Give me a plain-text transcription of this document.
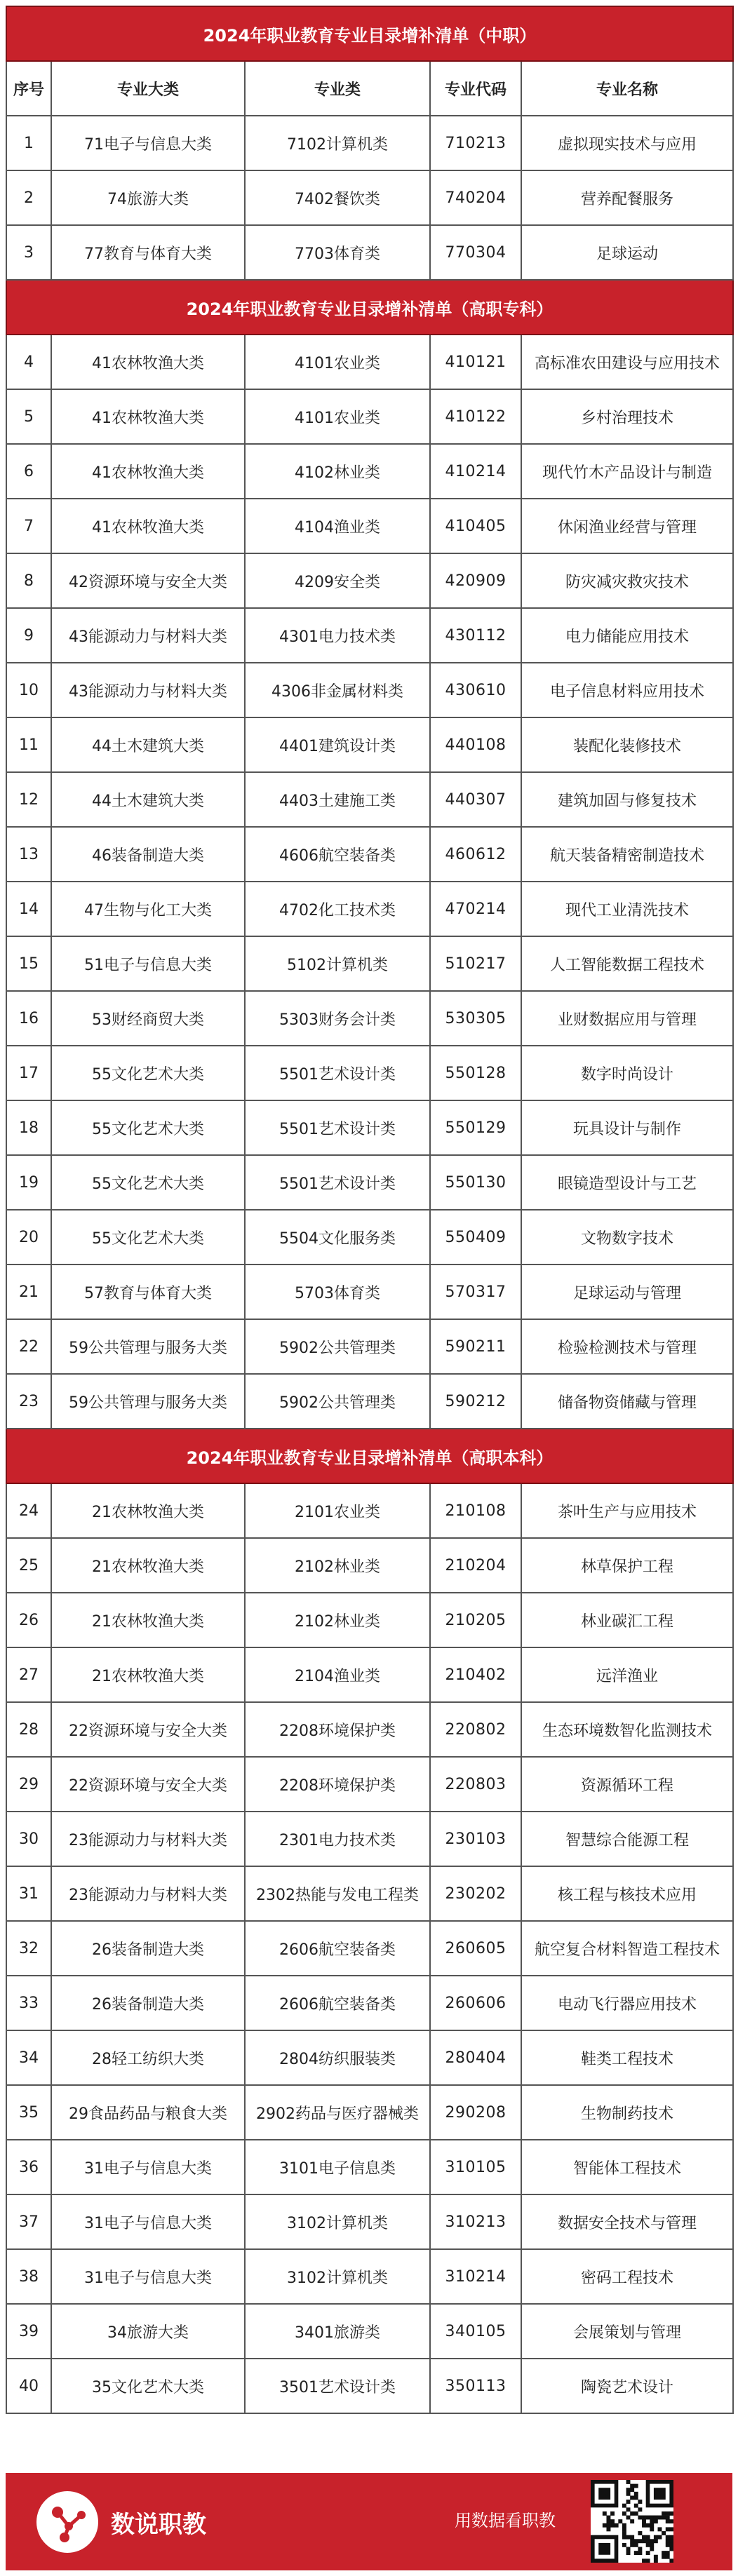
2024年职业教育专业目录增补清单（中职）				
序号	专业大类	专业类	专业代码	专业名称
1	71电子与信息大类	7102计算机类	710213	虚拟现实技术与应用
2	74旅游大类	7402餐饮类	740204	营养配餐服务
3	77教育与体育大类	7703体育类	770304	足球运动
2024年职业教育专业目录增补清单（高职专科）				
4	41农林牧渔大类	4101农业类	410121	高标准农田建设与应用技术
5	41农林牧渔大类	4101农业类	410122	乡村治理技术
6	41农林牧渔大类	4102林业类	410214	现代竹木产品设计与制造
7	41农林牧渔大类	4104渔业类	410405	休闲渔业经营与管理
8	42资源环境与安全大类	4209安全类	420909	防灾减灾救灾技术
9	43能源动力与材料大类	4301电力技术类	430112	电力储能应用技术
10	43能源动力与材料大类	4306非金属材料类	430610	电子信息材料应用技术
11	44土木建筑大类	4401建筑设计类	440108	装配化装修技术
12	44土木建筑大类	4403土建施工类	440307	建筑加固与修复技术
13	46装备制造大类	4606航空装备类	460612	航天装备精密制造技术
14	47生物与化工大类	4702化工技术类	470214	现代工业清洗技术
15	51电子与信息大类	5102计算机类	510217	人工智能数据工程技术
16	53财经商贸大类	5303财务会计类	530305	业财数据应用与管理
17	55文化艺术大类	5501艺术设计类	550128	数字时尚设计
18	55文化艺术大类	5501艺术设计类	550129	玩具设计与制作
19	55文化艺术大类	5501艺术设计类	550130	眼镜造型设计与工艺
20	55文化艺术大类	5504文化服务类	550409	文物数字技术
21	57教育与体育大类	5703体育类	570317	足球运动与管理
22	59公共管理与服务大类	5902公共管理类	590211	检验检测技术与管理
23	59公共管理与服务大类	5902公共管理类	590212	储备物资储藏与管理
2024年职业教育专业目录增补清单（高职本科）				
24	21农林牧渔大类	2101农业类	210108	茶叶生产与应用技术
25	21农林牧渔大类	2102林业类	210204	林草保护工程
26	21农林牧渔大类	2102林业类	210205	林业碳汇工程
27	21农林牧渔大类	2104渔业类	210402	远洋渔业
28	22资源环境与安全大类	2208环境保护类	220802	生态环境数智化监测技术
29	22资源环境与安全大类	2208环境保护类	220803	资源循环工程
30	23能源动力与材料大类	2301电力技术类	230103	智慧综合能源工程
31	23能源动力与材料大类	2302热能与发电工程类	230202	核工程与核技术应用
32	26装备制造大类	2606航空装备类	260605	航空复合材料智造工程技术
33	26装备制造大类	2606航空装备类	260606	电动飞行器应用技术
34	28轻工纺织大类	2804纺织服装类	280404	鞋类工程技术
35	29食品药品与粮食大类	2902药品与医疗器械类	290208	生物制药技术
36	31电子与信息大类	3101电子信息类	310105	智能体工程技术
37	31电子与信息大类	3102计算机类	310213	数据安全技术与管理
38	31电子与信息大类	3102计算机类	310214	密码工程技术
39	34旅游大类	3401旅游类	340105	会展策划与管理
40	35文化艺术大类	3501艺术设计类	350113	陶瓷艺术设计
数说职教	用数据看职教
